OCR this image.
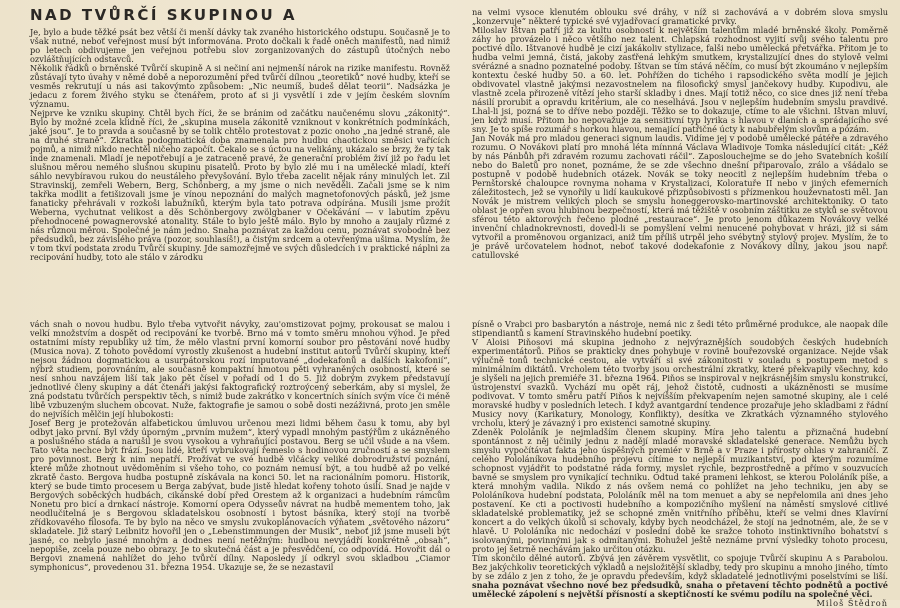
NAD TVŮRČÍ SKUPINOU A

Je, bylo a bude těžké psát bez větší či menší dávky tak zvaného historického odstupu. Současně je to však nutné, neboť veřejnost musí být informována. Proto dočkali k řadě oněch manifestů, nad nimiž po letech obdivujeme jen veřejnou potřebu slov zorganizovaných do zástupů útočných nebo ozvláštňujících odstavců.

Několik řádků o brněnské Tvůrčí skupině A si nečiní ani nejmenší nárok na rizike manifestu. Rovněž zůstávají tyto úvahy v němé době a neporozumění před tvůrčí dílnou „teoretiků“ nové hudby, kteří se vesměs rekrutují u nás asi takovýmto způsobem: „Nic neumíš, budeš dělat teorii“. Nadsázka je jedacu z forem živého styku se čtenářem, proto ať si ji vysvětlí i zde v jejím českém slovním významu.

Nejprve ke vzniku skupiny. Chtěl bych říci, že se bránim od začátku naučenému slovu „zákonitý“. Bylo by možné zcela klidně říci, že „skupina musela zákonitě vzniknout v konkrétních podmínkách, jaké jsou“. Je to pravda a současně by se tolik chtělo protestovat z pozic onoho „na jedné straně, ale na druhé straně“. Zkratka podogmatická doba znamenala pro hudbu chaotickou směsici vařících pojmů, a nimiž nikdo nechtěl ničeho započít. Čekalo se s úctou na velikány, ukázalo se brzy, že ty tak inde znamenali. Mladí je nepotřebují a je zatraceně pravé, že generační problém živí již po řadu let slušnou měrou nemého slušnou skupinu pisatelů. Proto by bylo zlé mu i na umělecké mladí, kteří sáhlo nevybíravou rukou do neustáleho převyšování. Bylo třeba zacelit nějak rány minulých let. Zil Stravinskij, zemřeli Webern, Berg, Schönberg, a my jsme o nich nevěděli. Začali jsme se k nim takřka modlit a fetišizovali jsme je vínou nepoznání do malých magnetofonových pásků, jež jsme fanaticky přehrávali v rozkoši labužníků, kterým byla tato potrava odpírána. Musili jsme prožít Weberna, vychutnat velikost a děs Schönbergovy zwölgbaner v Očekávání — v labutím zpěvu přehodnocené powagnerovské atonality. Stále to bylo ještě málo. Bylo by mnoho a zaujaly růzmé z nás různou měrou. Společné je nám jedno. Snaha poznávat za každou cenu, poznávat svobodně bez předsudků, bez závislého práva (pozor, souhlasíš!), a čistým srdcem a otevřenýma ušima. Myslím, že v tom tkví podstata zrodu Tvůrčí skupiny. Jde samozřejmě ve svých důsledcích i v praktické náplni za recipování hudby, toto ale stálo v zárodku

na velmi vysoce klenutém oblouku své dráhy, v níž si zachovává a v dobrém slova smyslu „konzervuje“ některé typické své vyjadřovací gramatické prvky.

Miloslav Ištvan patří již za kultu osobností k největším talentům mladé brněnské školy. Poměrně záhy ho provázelo i něco většího nez talent. Chlapská rozhodnost vyjití svůj svého talentu pro poctivé dílo. Ištvanové hudbě je cizí jakákoliv stylizace, falši nebo umělecká přetvářka. Přitom je to hudba velmi jemná, čistá, jakoby zasťřená lehkým smutkem, krystalizující dnes do stylově velmi svérázné a snadno poznatelné podoby. Ištvan se tím stává něčím, co musí být zkoumáno v nejlepším kontextu české hudby 50. a 60. let. Pohřížen do tichého i rapsodického světa modlí je jejich obdivovatel vlastně jakýmsi nezavostnelem na filosofický smysl jančekovy hudby. Kupodivu, ale vlastně zcela přirozeně vítězí jeho starší skladby i dnes. Mají totiž něco, co sice dnes již není třeba násilí prorubit a opravdu kritérium, ale co neselhává. Jsou v nejlepším hudebním smyslu pravdivé. Lhal-li jsi, pozná se to dříve nebo později. Těžko se to dokazuje, ctíme to ale všichni. Ištvan mluví, jen když musí. Přitom ho nepovažuje za sensitivní typ lyrika s hlavou v dlaních a sprádajícího své sny. Je to spíše rozumář s horkou hlavou, nemající patřičné úcty k nabubřelým slovům a pózám.

Jan Novák má pro mladou generaci signum laudis. Vidíme jej v podobě umělecké pátéře a zdravého rozumu. O Novákovi platí pro mnohá léta mínnná Václava Wladivoje Tomka následující citát: „Kéž by nás Pánbůh při zdravém rozumu zachovati ráčil“. Zaposlouchejme se do jeho Svatebních košilí nebo do Baletů pro nonet, poznáme, že se zde všechno dnešní připarovalo, zrálo a všádalo se postupně v podobě hudebních otázek. Novák se toky neocitl z nejlepším hudebním třeba o Pernštorské chaloupce rovnyma nohama v Krystalizaci, Koloratuře II nebo v jiných efemerních záležitostech, jež se vynořily u lidí kaukukové přizpůsobivosti s přízmenkou houževnatosti měl. Jan Novák je mistrem velikých ploch se smyslu honeggerovsko-martinovské architektoniky. O tato oblast je opřen svou hlubinou bezpečností, která má těžiště v osobním záštitku ze styků se světovou sférou této aktorových řečeno plodné „restaurace“. Je proto jenom důkazem Novákovy velké invenční chladnokrevnosti, dovedl-li se pomyšlení velmi nenucené pohybovat v hrázi, již si sám vytvořil a proměnovou organizaci, aniž tím příliš utrpěl jeho svébytný stylový projev. Myslím, že to je právě určovatelem hodnot, neboť takové dodekafonie z Novákovy dílny, jakou jsou např. catullovské

vách snah o novou hudbu. Bylo třeba vytvořit návyky, zau'omstizovat pojmy, prokousat se malou i velkí množstvím a dospět od recipování ke tvorbě. Brno má v tomto směru mnohou výhod. Je před ostatními místy republiky už tím, že mělo vlastní první komorní soubor pro pěstování nové hudby (Musica nova). Z tohoto povědomí vyrostly zkušenost a hudební institut autorů Tvůrčí skupiny, kteří nejsou žádnou dogmatickou a usurpátorskou rozí imputované „dodekafonů a dalších kakofonií“, nýbrž studiem, porovnáním, ale současně kompaktní hmotou pěti vyhraněných osobností, které se nesí snhou navzájem liší tak jako pět čísel v pořadí od 1 do 5. Již dobrým zvykem představují jednotlivé členy skupiny a dát čtenáři jakýsi faktografický roztroýcený seberkám, aby si myslel, že zná podstatu tvůrčích perspektiv těch, s nimiž bude zakrátko v koncertních síních svým více či méně libě vzbuzeným sluchem obcovat. Nuže, faktografie je samou o sobě dosti nezáživná, proto jen směle do nejvíších mělčin její hlubokosti:

Josef Berg je protežován alfabetickou úmluvou určenou mezi lidmi během času k tomu, aby byl odbyt jako první. Byl vždy úporným „prvním mužem“, který vypadl mnohým pastýřům z ukázněného a poslušného stáda a narušil je svou vysokou a vyhraňující postavou. Berg se učil všude a na všem. Tato věta nechce být frází. Jsou lidé, kteří vybrukovají řemeslo s hodinovou zručností a se smyslem pro povinnost. Berg k nim nepatří. Prožívat ve své hudbě vlčácky veliké dobrodružství poznání, které může zhotnout uvědoměním si všeho toho, co poznám nemusí být, a tou hudbě až po velké zkratě často. Bergova hudba postupně získávala na konci 50. let na racionálním pomoru. Historik, který se bude timto procesem u Berga zabývat, bude jistě hledat kořeny tohoto úsilí. Snad je najde v Bergových soběckých hudbách, cikánské dobí před Orestem až k organizaci a hudebním rámcům Nonetu pro bicí a drnkací nástroje. Komorní opera Odysseův návrat na hudbě mementem toho, jak neodlučitelná je s Bergovou skladatelskou osobností i bytost básníka, který stojí na tvorbě zřídkovavého filosofa. Te by bylo na něco ve smyslu zvukoplánovacích výňatem „světového názoru“ skladatele. Již starý Leibnitz hovořil jen o „Lebenstimmungen der Musik“, neboť již jsme museli být jasné, co nebylo jasné mnohým a dodnes není netěžným: hudbou nevyjádří konkrétně „obsah“, nepopiše, zcela pouze nebo obrazy. Je to skutečná část a je přesvědčení, co odpovídá. Hovořit dál o Bergovi znamená nahlížet do jeho tvůrčí dílny. Naposledy jí odkryl svou skladbou „Ciamor symphonicus“, provedenou 31. března 1954. Ukazuje se, že se nezastavil

písně o Vrabci pro basbarytón a nástroje, nemá nic z šedi této průměrné produkce, ale naopak díle stipendiantů s kamení Stravinského hudební poetiky.

V Aloisi Piňosovi má skupina jednoho z nejvýraznějších soudobých českých hudebních experimentátorů. Piňos se prakticky dnes pohybuje v rovině bouřezovské organizace. Nejde však výlučně tonů technické cestou, ale vytváří si své zákonitosti v souladu s postupem metod s minimálním diktátů. Vrcholem této tvorby jsou orchestrální zkratky, které překvapily všechny, kdo je slyšeli na jejich premiéře 31. března 1964. Piňos se inspiroval v nejkrásnějším smyslu konstrukcí, ústrojenství svazků. Vychází mu opět ráj, jehož čistotě, cudnosti a ukázněnosti se musíme podivovat. V tomto směru patří Piňos k nejvíšším překvapením nejen samotné skupiny, ale i celé moravské hudby v posledních letech. I když avantgardní tendence prozařuje jeho skladbami z řádní Musicy novy (Karikatury, Monology, Konflikty), desítka ve Zkratkách významného stylového vrcholu, který je závazný i pro existenci samotné skupiny.

Zdeněk Pololáník je nejmladším členem skupiny. Míra jeho talentu a přiznačná hudební spontánnost z něj učinily jednu z nadějí mladé moravské skladatelské generace. Nemůžu bych smyslu vypočítávat fakta jeho úspěšných premiér v Brně a v Praze i přírosty ohlas v zahraničí. Z celého Pololáníkova hudebního projevu cítíme to nejlepší muzikantství, pod kterým rozumíme schopnost vyjádřit to podstatné ráda formy, myslet rychle, bezprostředně a přímo v souzvucích bavné se smyslem pro vynikající techniku. Odtud také prameni lehkost, se kterou Pololáník píše, a která mnohým vadila. Nikdo z nás ovšem nemá co pohlížet na jeho techniku, jen aby se Pololáníkova hudební podstata, Pololáník měl na tom menuet a aby se nepřelomila ani dnes jeho postavení. Ke cti a poctivosti hudebního a kompozičního myšlení na náměstí smyslové citlivé skladatelské problematiky, jež se schopné změn vnitřního příběhu, kteří se velmi dnes Klavírní koncert a do velkých úkolů si schovaly, kdyby bych neodcházel, že stojí na jednotném, ale, že se v hlavě. U Pololáníka nic nedochází v poslední době ke sražce tohoto instinktivního bohatství s isolovanými, povinnými jak s odmítanými. Bohužel ještě neznáme první výsledky tohoto procesu, proto jej šetrně nechávám jako určitou otázku.

Tím skončilo dělné autorů. Zbývá jen závěrem vysvětlit, co spojuje Tvůrčí skupinu A s Parabolou. Bez jakýchkoliv teoretických výkladů a nejsložitější skladby, tedy pro skupinu a mnoho jiného, tímto by se zdálo z jen z toho, že je opravdu především, když skladatelé jednotlivými poselstvími se liší. snaha poznávat všechno nové bez předsudků, snaha o přetavení těchto podnětů a poctivé umělecké zápolení s největší přísností a skeptičností ke svému podílu na společné věci.

Miloš Štědroň
